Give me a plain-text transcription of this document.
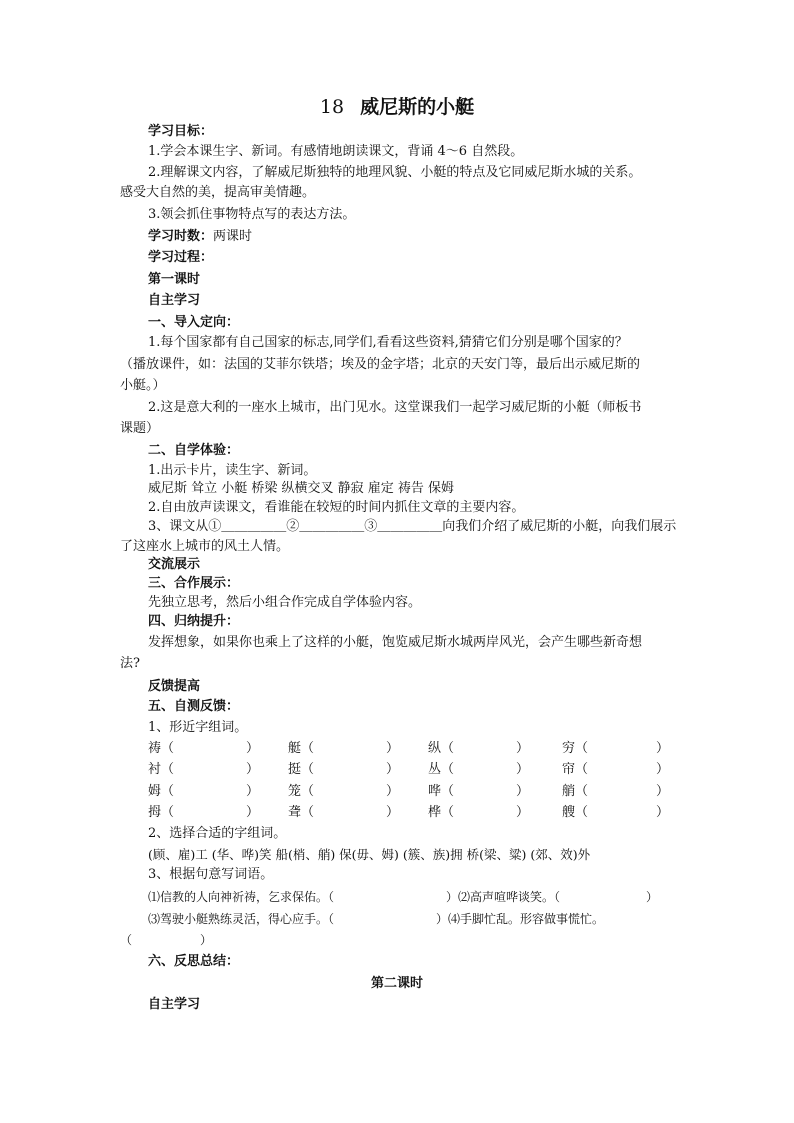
18 威尼斯的小艇
学习目标：
1.学会本课生字、新词。有感情地朗读课文，背诵 4～6 自然段。
2.理解课文内容，了解威尼斯独特的地理风貌、小艇的特点及它同威尼斯水城的关系。
感受大自然的美，提高审美情趣。
3.领会抓住事物特点写的表达方法。
学习时数：两课时
学习过程：
第一课时
自主学习
一、导入定向：
1.每个国家都有自己国家的标志,同学们,看看这些资料,猜猜它们分别是哪个国家的？
（播放课件，如：法国的艾菲尔铁塔；埃及的金字塔；北京的天安门等，最后出示威尼斯的
小艇。）
2.这是意大利的一座水上城市，出门见水。这堂课我们一起学习威尼斯的小艇（师板书
课题）
二、自学体验：
1.出示卡片，读生字、新词。
威尼斯 耸立 小艇 桥梁 纵横交叉 静寂 雇定 祷告 保姆
2.自由放声读课文，看谁能在较短的时间内抓住文章的主要内容。
3、课文从①＿＿＿＿＿②＿＿＿＿＿③＿＿＿＿＿向我们介绍了威尼斯的小艇，向我们展示
了这座水上城市的风土人情。
交流展示
三、合作展示：
先独立思考，然后小组合作完成自学体验内容。
四、归纳提升：
发挥想象，如果你也乘上了这样的小艇，饱览威尼斯水城两岸风光，会产生哪些新奇想
法?
反馈提高
五、自测反馈：
1、形近字组词。
祷（	） 艇（	） 纵（	）	穷（	）
衬（	） 挺（	） 丛（	）	帘（	）
姆（	） 笼（	） 哗（	）	艄（	）
拇（	） 聋（	） 桦（	）	艘（	）
2、选择合适的字组词。
(顾、雇)工 (华、哗)笑 船(梢、艄) 保(毋、姆) (簇、族)拥 桥(梁、粱) (郊、效)外
3、根据句意写词语。
⑴信教的人向神祈祷，乞求保佑。（	）⑵高声喧哗谈笑。（	）
⑶驾驶小艇熟练灵活，得心应手。（	）⑷手脚忙乱。形容做事慌忙。
（	）
六、反思总结：
第二课时
自主学习
